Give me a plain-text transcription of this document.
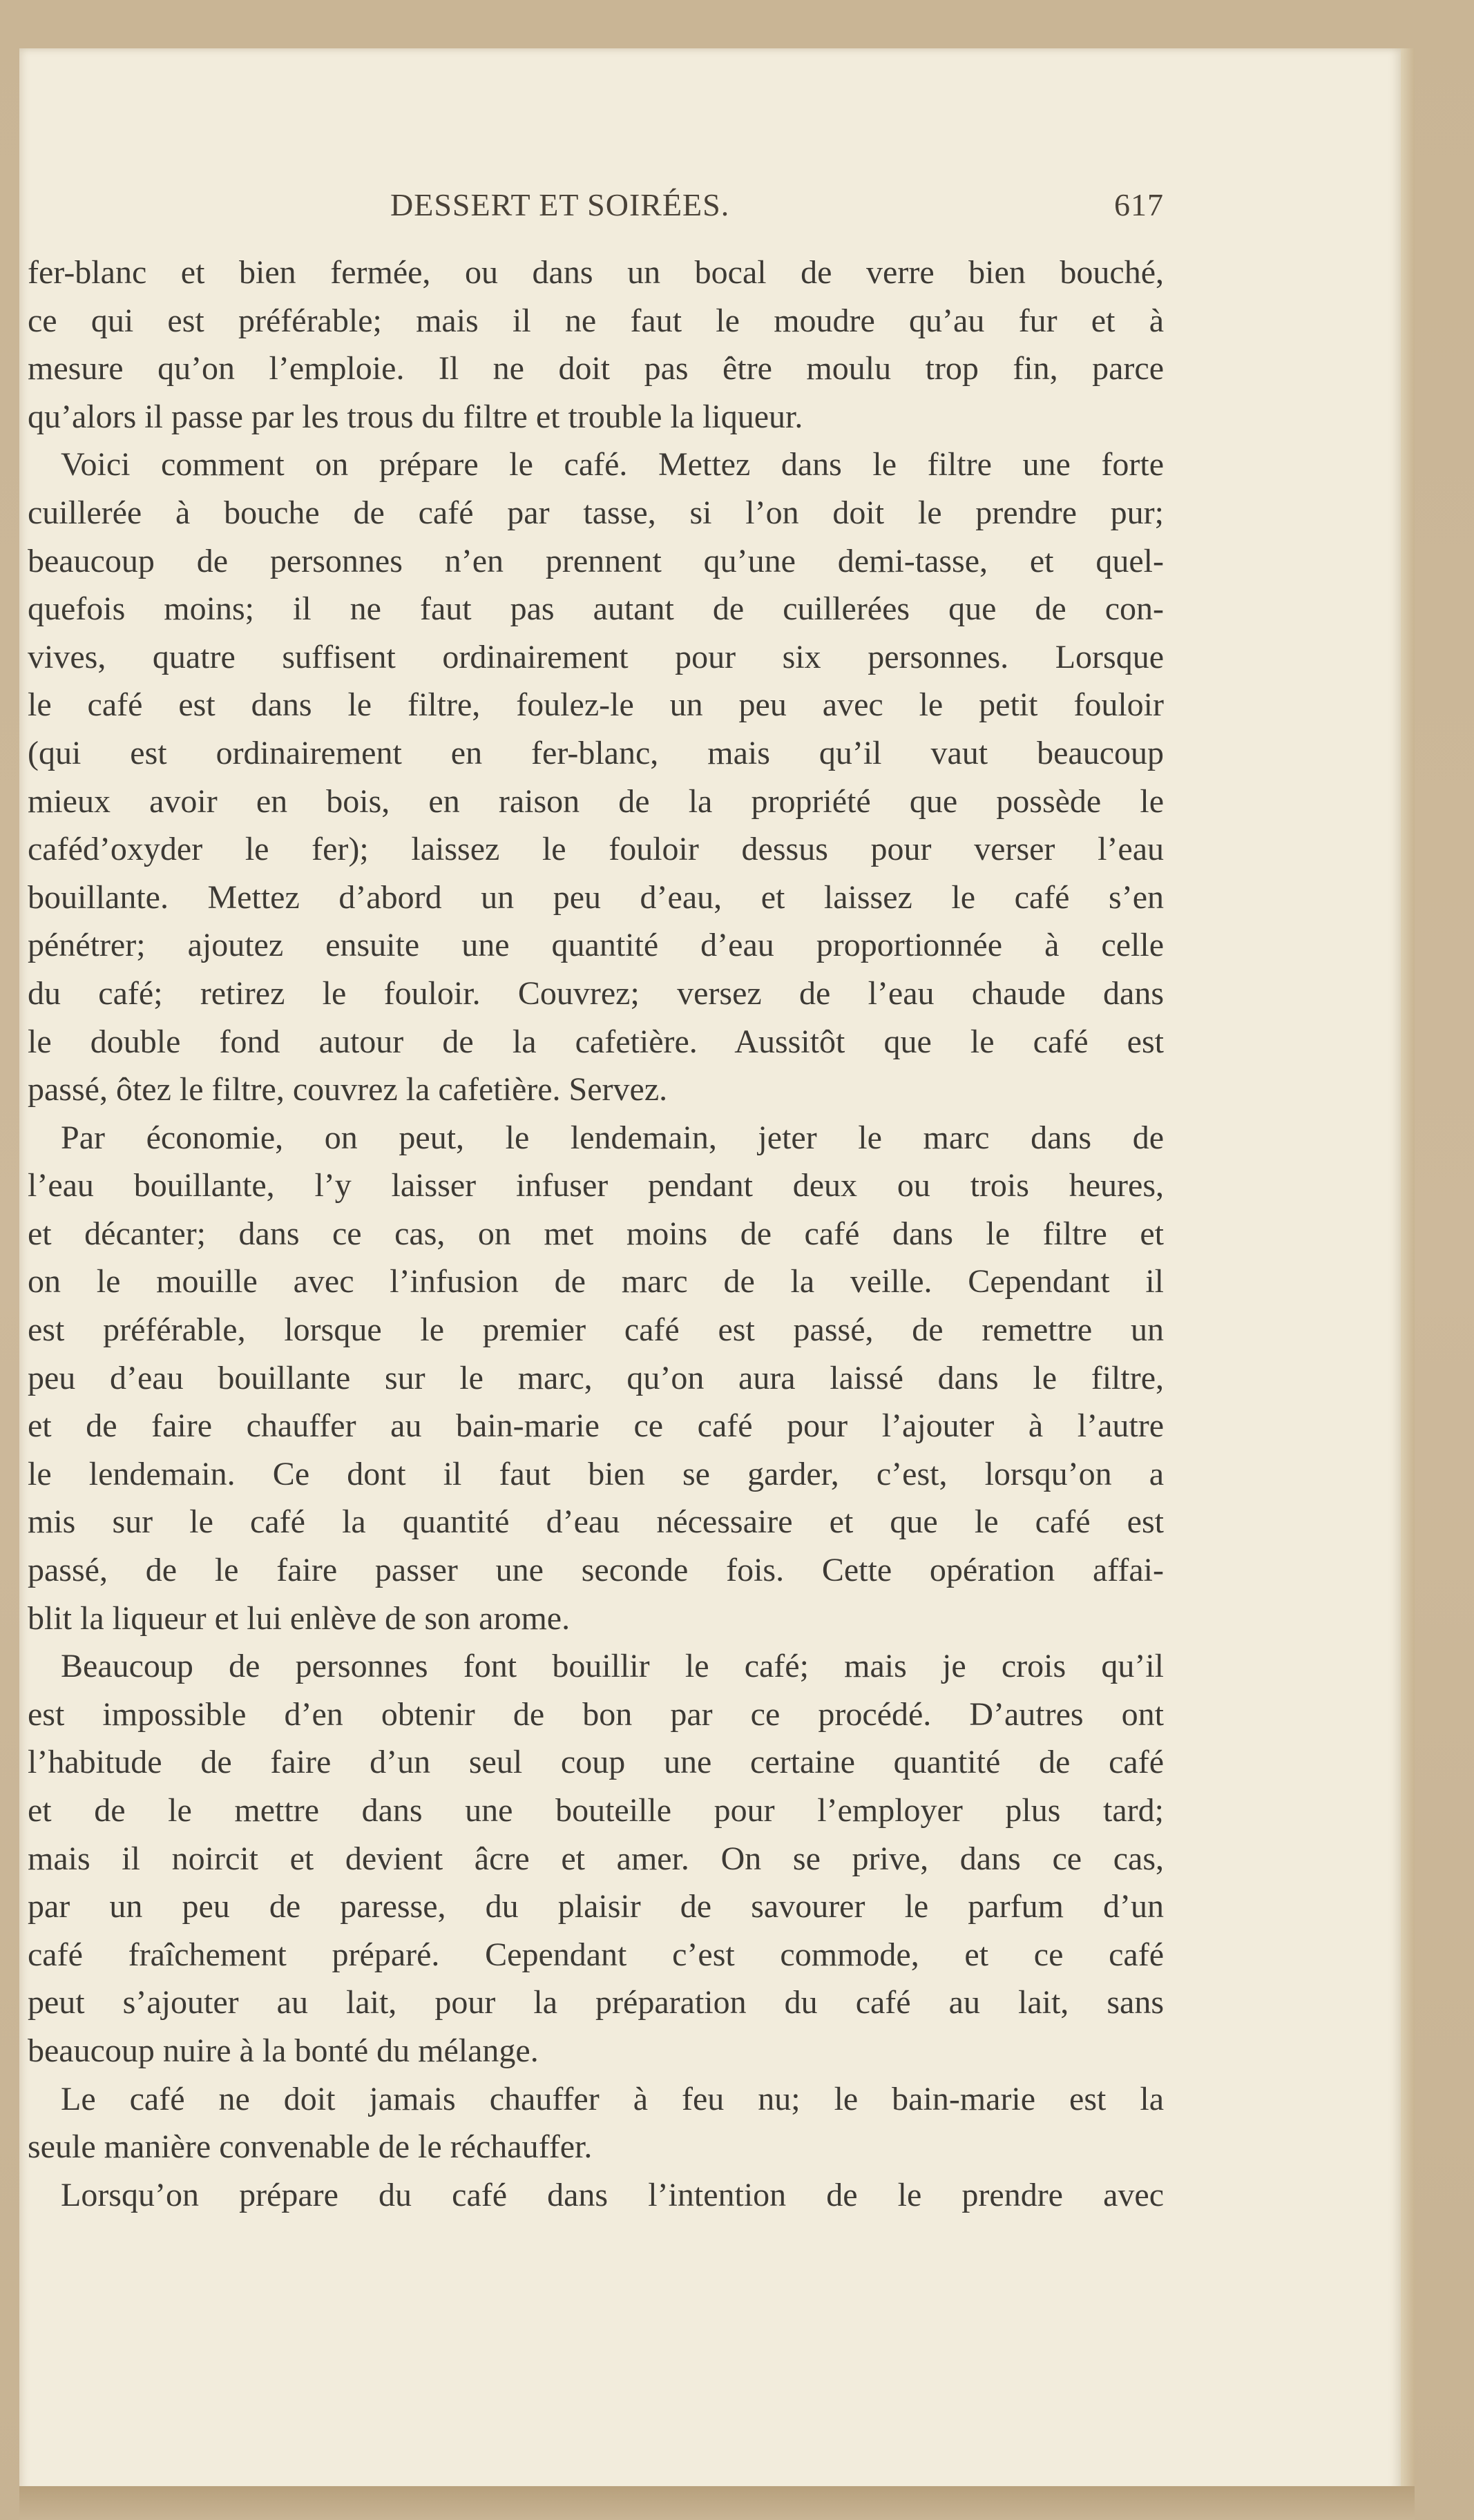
DESSERT ET SOIRÉES.	617
fer-blanc et bien fermée, ou dans un bocal de verre bien bouché,
ce qui est préférable; mais il ne faut le moudre qu’au fur et à
mesure qu’on l’emploie. Il ne doit pas être moulu trop fin, parce
qu’alors il passe par les trous du filtre et trouble la liqueur.
Voici comment on prépare le café. Mettez dans le filtre une forte
cuillerée à bouche de café par tasse, si l’on doit le prendre pur;
beaucoup de personnes n’en prennent qu’une demi-tasse, et quel-
quefois moins; il ne faut pas autant de cuillerées que de con-
vives, quatre suffisent ordinairement pour six personnes. Lorsque
le café est dans le filtre, foulez-le un peu avec le petit fouloir
(qui est ordinairement en fer-blanc, mais qu’il vaut beaucoup
mieux avoir en bois, en raison de la propriété que possède le
caféd’oxyder le fer); laissez le fouloir dessus pour verser l’eau
bouillante. Mettez d’abord un peu d’eau, et laissez le café s’en
pénétrer; ajoutez ensuite une quantité d’eau proportionnée à celle
du café; retirez le fouloir. Couvrez; versez de l’eau chaude dans
le double fond autour de la cafetière. Aussitôt que le café est
passé, ôtez le filtre, couvrez la cafetière. Servez.
Par économie, on peut, le lendemain, jeter le marc dans de
l’eau bouillante, l’y laisser infuser pendant deux ou trois heures,
et décanter; dans ce cas, on met moins de café dans le filtre et
on le mouille avec l’infusion de marc de la veille. Cependant il
est préférable, lorsque le premier café est passé, de remettre un
peu d’eau bouillante sur le marc, qu’on aura laissé dans le filtre,
et de faire chauffer au bain-marie ce café pour l’ajouter à l’autre
le lendemain. Ce dont il faut bien se garder, c’est, lorsqu’on a
mis sur le café la quantité d’eau nécessaire et que le café est
passé, de le faire passer une seconde fois. Cette opération affai-
blit la liqueur et lui enlève de son arome.
Beaucoup de personnes font bouillir le café; mais je crois qu’il
est impossible d’en obtenir de bon par ce procédé. D’autres ont
l’habitude de faire d’un seul coup une certaine quantité de café
et de le mettre dans une bouteille pour l’employer plus tard;
mais il noircit et devient âcre et amer. On se prive, dans ce cas,
par un peu de paresse, du plaisir de savourer le parfum d’un
café fraîchement préparé. Cependant c’est commode, et ce café
peut s’ajouter au lait, pour la préparation du café au lait, sans
beaucoup nuire à la bonté du mélange.
Le café ne doit jamais chauffer à feu nu; le bain-marie est la
seule manière convenable de le réchauffer.
Lorsqu’on prépare du café dans l’intention de le prendre avec
